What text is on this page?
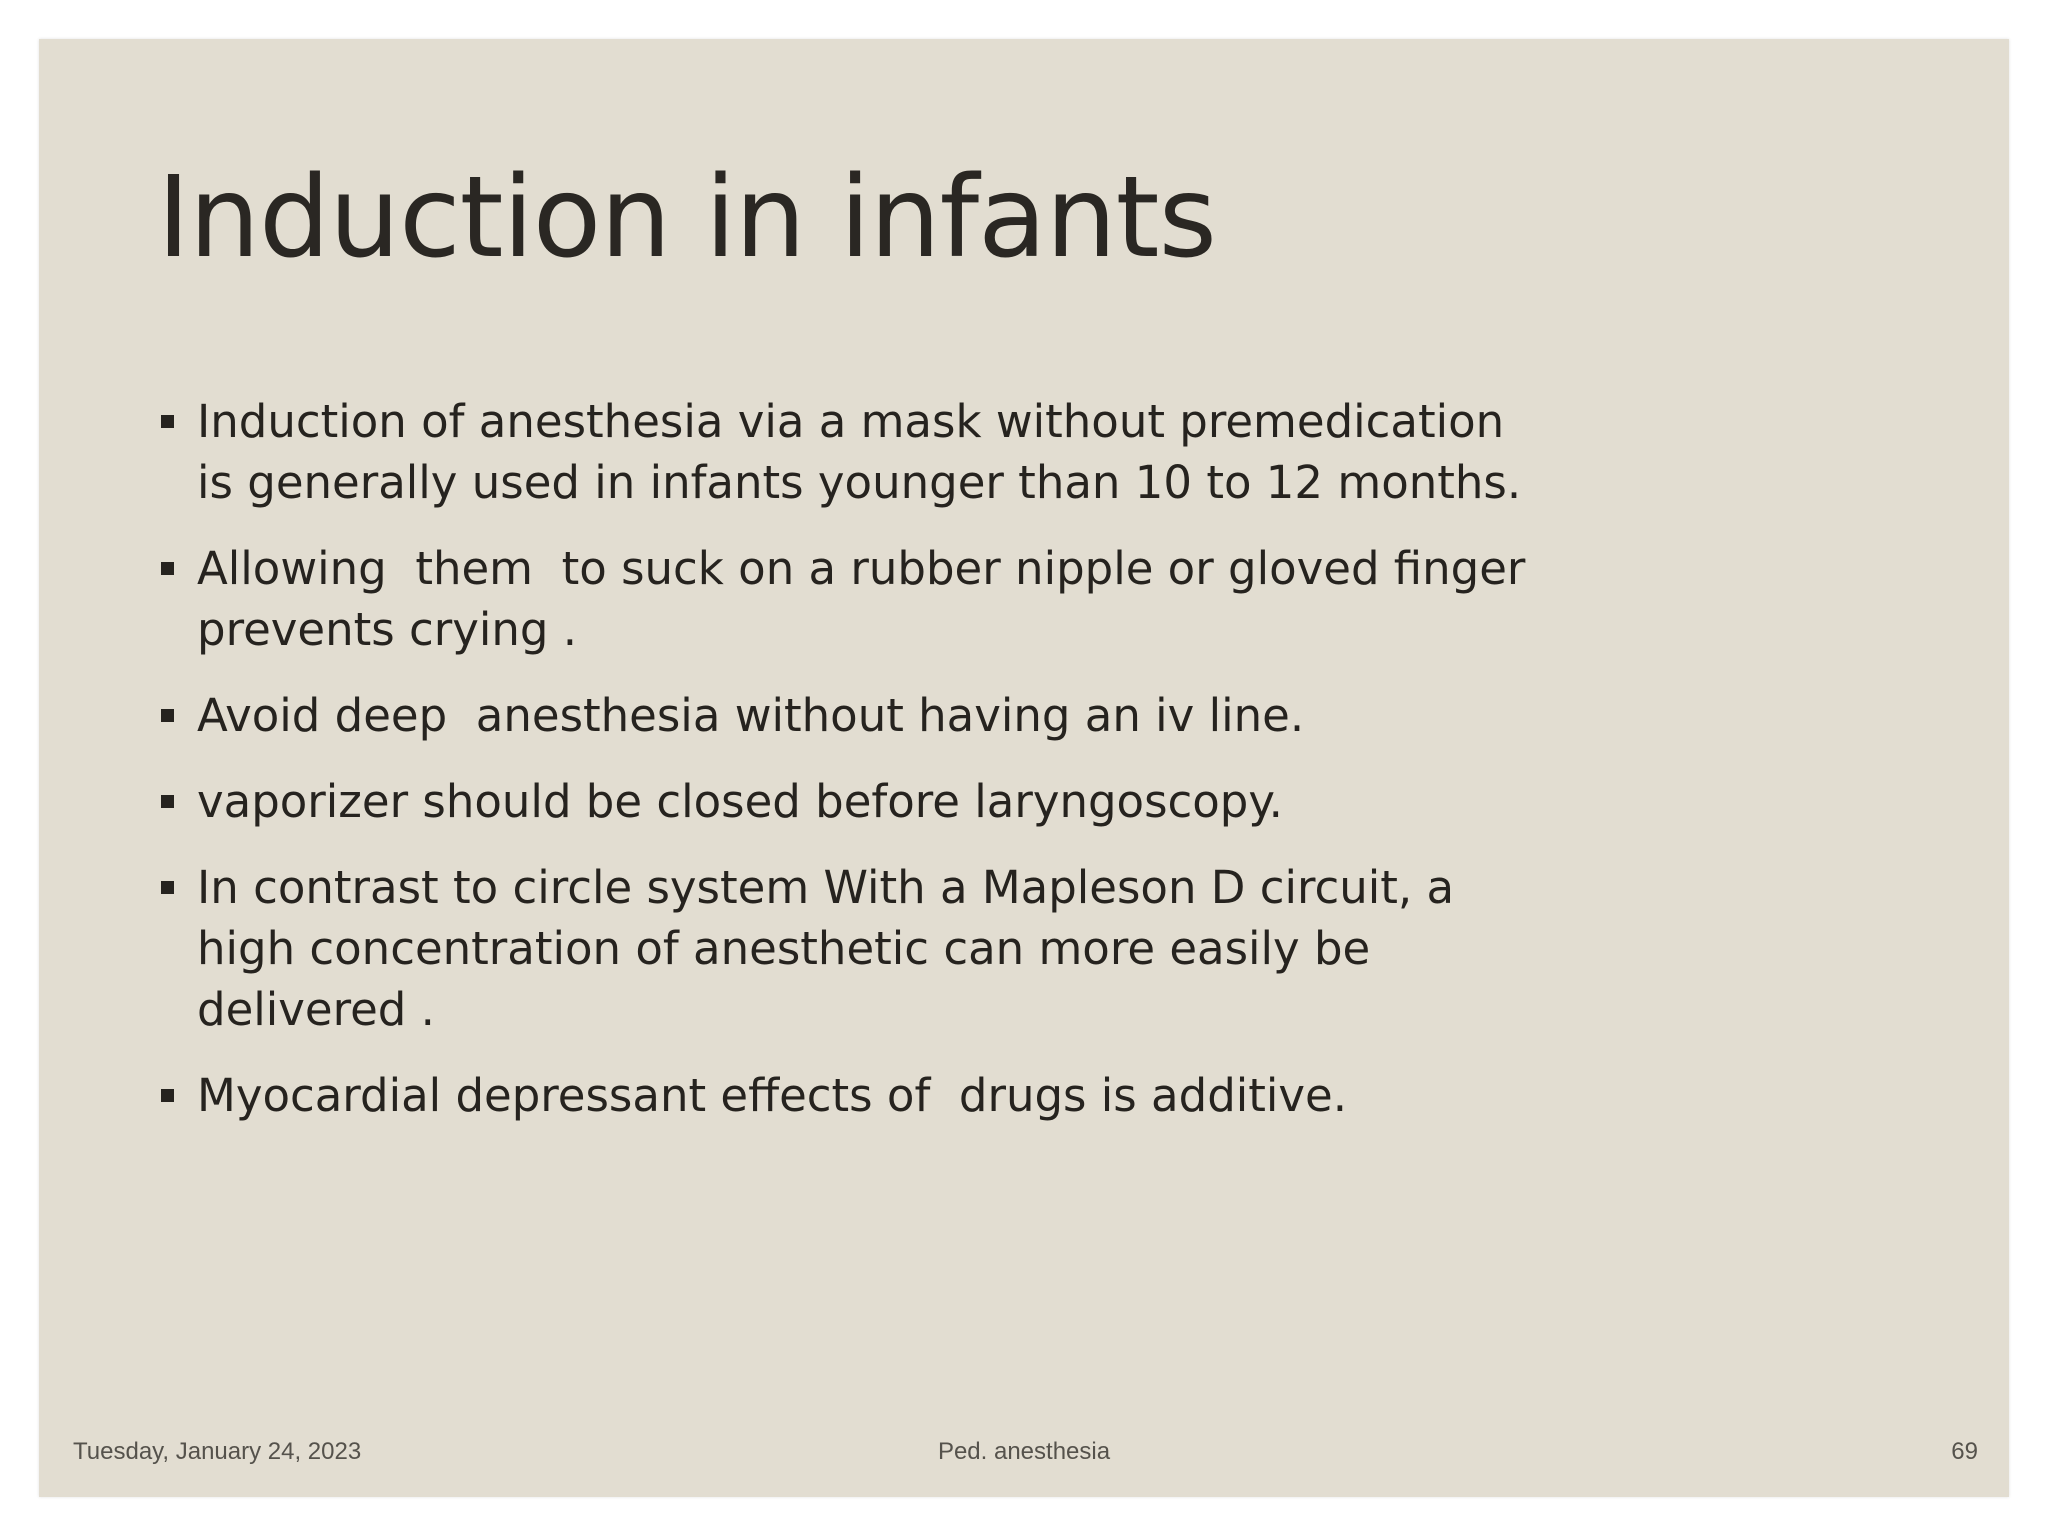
Induction in infants
Induction of anesthesia via a mask without premedication
is generally used in infants younger than 10 to 12 months.
Allowing  them  to suck on a rubber nipple or gloved finger
prevents crying .
Avoid deep  anesthesia without having an iv line.
vaporizer should be closed before laryngoscopy.
In contrast to circle system With a Mapleson D circuit, a
high concentration of anesthetic can more easily be
delivered .
Myocardial depressant effects of  drugs is additive.
Tuesday, January 24, 2023	Ped. anesthesia	69
